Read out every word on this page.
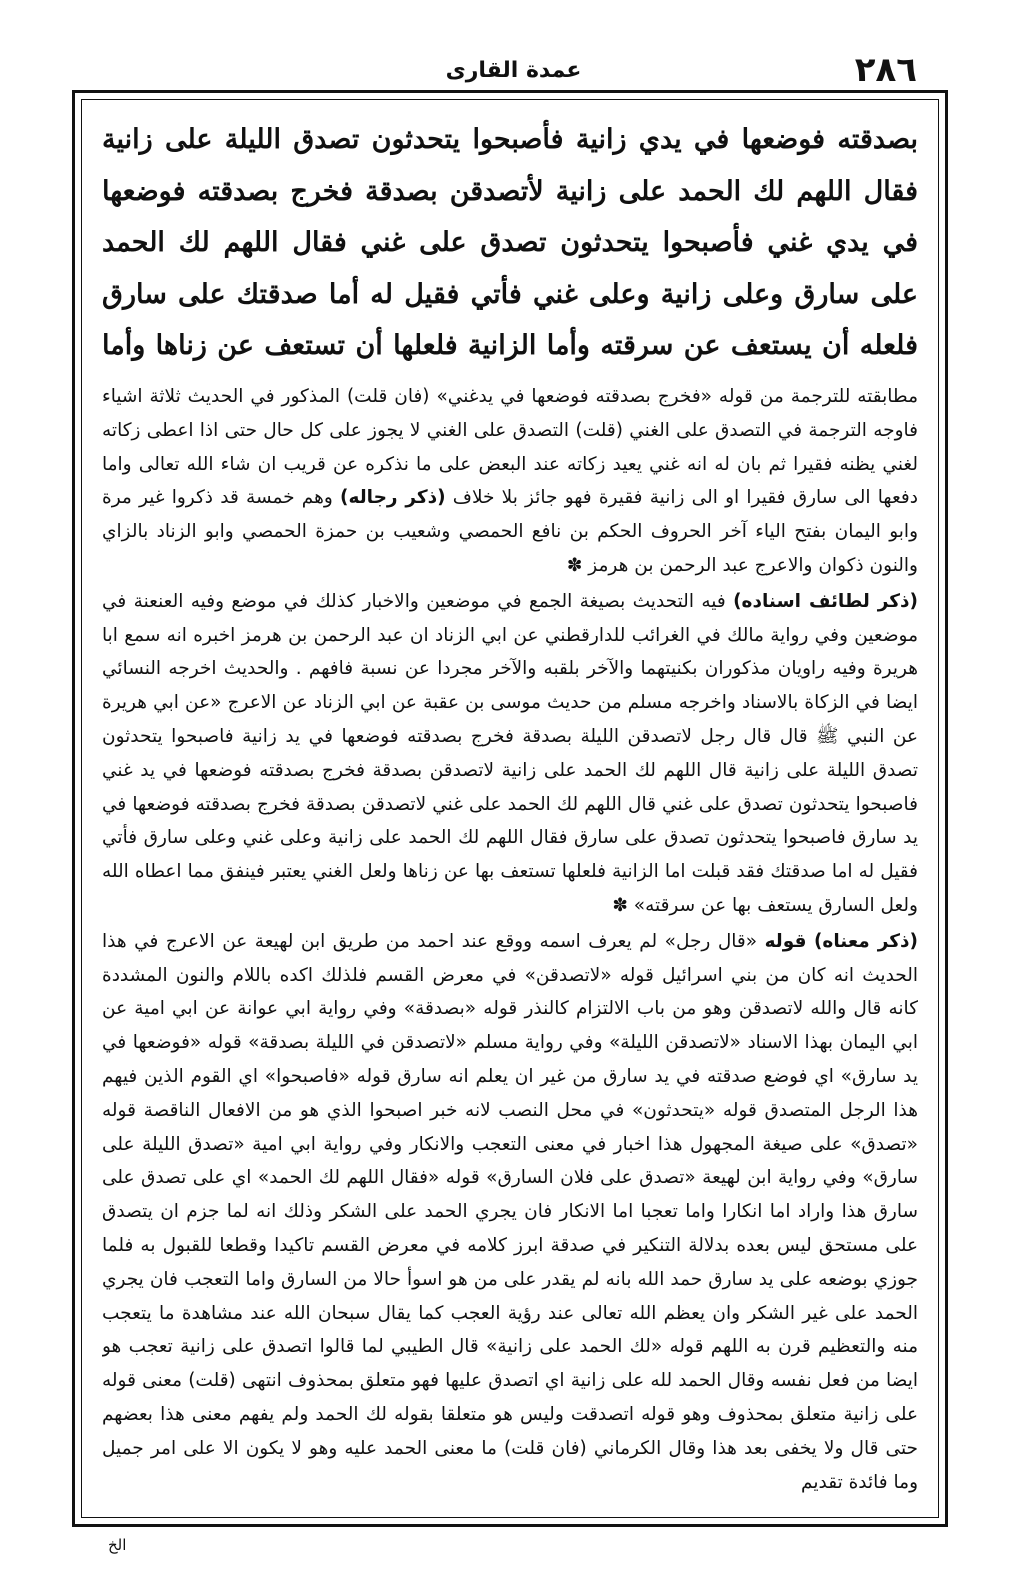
٢٨٦
عمدة القاری

بصدقته فوضعها في يدي زانية فأصبحوا يتحدثون تصدق الليلة على زانية فقال اللهم لك الحمد على زانية لأتصدقن بصدقة فخرج بصدقته فوضعها في يدي غني فأصبحوا يتحدثون تصدق على غني فقال اللهم لك الحمد على سارق وعلى زانية وعلى غني فأتي فقيل له أما صدقتك على سارق فلعله أن يستعف عن سرقته وأما الزانية فلعلها أن تستعف عن زناها وأما

مطابقته للترجمة من قوله «فخرج بصدقته فوضعها في يدغني» (فان قلت) المذكور في الحديث ثلاثة اشياء فاوجه الترجمة في التصدق على الغني (قلت) التصدق على الغني لا يجوز على كل حال حتى اذا اعطى زكاته لغني يظنه فقيرا ثم بان له انه غني يعيد زكاته عند البعض على ما نذكره عن قريب ان شاء الله تعالى واما دفعها الى سارق فقيرا او الى زانية فقيرة فهو جائز بلا خلاف (ذكر رجاله) وهم خمسة قد ذكروا غير مرة وابو اليمان بفتح الياء آخر الحروف الحكم بن نافع الحمصي وشعيب بن حمزة الحمصي وابو الزناد بالزاي والنون ذكوان والاعرج عبد الرحمن بن هرمز ✽

(ذكر لطائف اسناده) فيه التحديث بصيغة الجمع في موضعين والاخبار كذلك في موضع وفيه العنعنة في موضعين وفي رواية مالك في الغرائب للدارقطني عن ابي الزناد ان عبد الرحمن بن هرمز اخبره انه سمع ابا هريرة وفيه راويان مذكوران بكنيتهما والآخر بلقبه والآخر مجردا عن نسبة فافهم . والحديث اخرجه النسائي ايضا في الزكاة بالاسناد واخرجه مسلم من حديث موسى بن عقبة عن ابي الزناد عن الاعرج «عن ابي هريرة عن النبي ﷺ قال قال رجل لاتصدقن الليلة بصدقة فخرج بصدقته فوضعها في يد زانية فاصبحوا يتحدثون تصدق الليلة على زانية قال اللهم لك الحمد على زانية لاتصدقن بصدقة فخرج بصدقته فوضعها في يد غني فاصبحوا يتحدثون تصدق على غني قال اللهم لك الحمد على غني لاتصدقن بصدقة فخرج بصدقته فوضعها في يد سارق فاصبحوا يتحدثون تصدق على سارق فقال اللهم لك الحمد على زانية وعلى غني وعلى سارق فأتي فقيل له اما صدقتك فقد قبلت اما الزانية فلعلها تستعف بها عن زناها ولعل الغني يعتبر فينفق مما اعطاه الله ولعل السارق يستعف بها عن سرقته» ✽

(ذكر معناه) قوله «قال رجل» لم يعرف اسمه ووقع عند احمد من طريق ابن لهيعة عن الاعرج في هذا الحديث انه كان من بني اسرائيل قوله «لاتصدقن» في معرض القسم فلذلك اكده باللام والنون المشددة كانه قال والله لاتصدقن وهو من باب الالتزام كالنذر قوله «بصدقة» وفي رواية ابي عوانة عن ابي امية عن ابي اليمان بهذا الاسناد «لاتصدقن الليلة» وفي رواية مسلم «لاتصدقن في الليلة بصدقة» قوله «فوضعها في يد سارق» اي فوضع صدقته في يد سارق من غير ان يعلم انه سارق قوله «فاصبحوا» اي القوم الذين فيهم هذا الرجل المتصدق قوله «يتحدثون» في محل النصب لانه خبر اصبحوا الذي هو من الافعال الناقصة قوله «تصدق» على صيغة المجهول هذا اخبار في معنى التعجب والانكار وفي رواية ابي امية «تصدق الليلة على سارق» وفي رواية ابن لهيعة «تصدق على فلان السارق» قوله «فقال اللهم لك الحمد» اي على تصدق على سارق هذا واراد اما انكارا واما تعجبا اما الانكار فان يجري الحمد على الشكر وذلك انه لما جزم ان يتصدق على مستحق ليس بعده بدلالة التنكير في صدقة ابرز كلامه في معرض القسم تاكيدا وقطعا للقبول به فلما جوزي بوضعه على يد سارق حمد الله بانه لم يقدر على من هو اسوأ حالا من السارق واما التعجب فان يجري الحمد على غير الشكر وان يعظم الله تعالى عند رؤية العجب كما يقال سبحان الله عند مشاهدة ما يتعجب منه والتعظيم قرن به اللهم قوله «لك الحمد على زانية» قال الطيبي لما قالوا اتصدق على زانية تعجب هو ايضا من فعل نفسه وقال الحمد لله على زانية اي اتصدق عليها فهو متعلق بمحذوف انتهى (قلت) معنى قوله على زانية متعلق بمحذوف وهو قوله اتصدقت وليس هو متعلقا بقوله لك الحمد ولم يفهم معنى هذا بعضهم حتى قال ولا يخفى بعد هذا وقال الكرماني (فان قلت) ما معنى الحمد عليه وهو لا يكون الا على امر جميل وما فائدة تقديم

الخ
